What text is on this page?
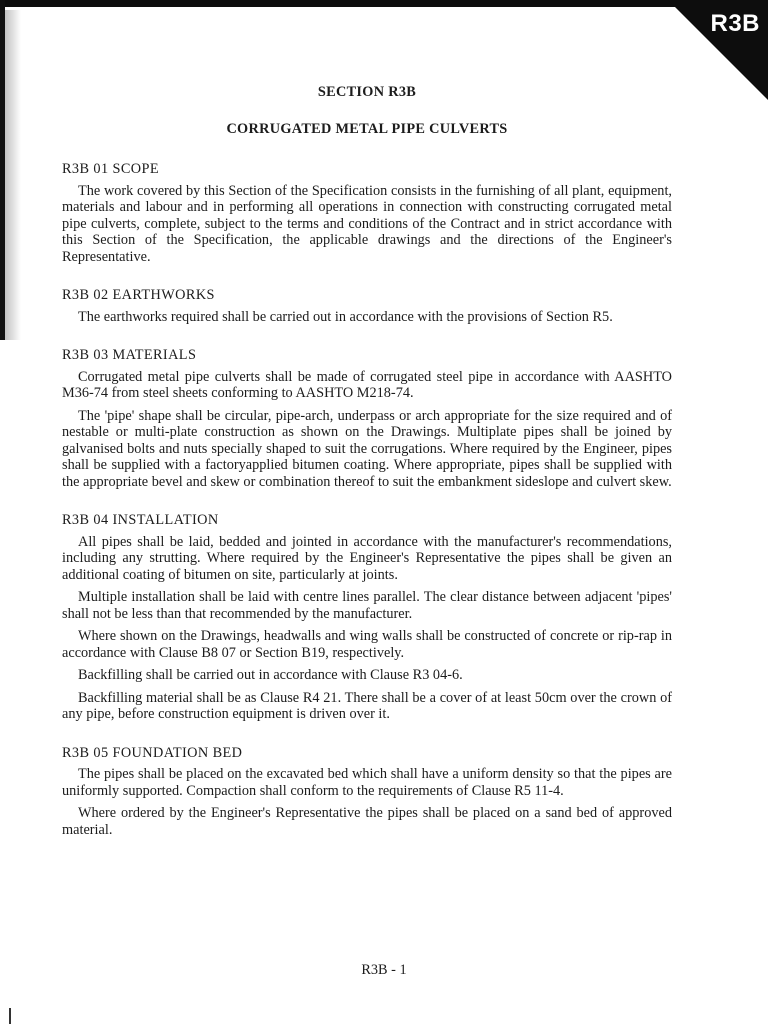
R3B
SECTION R3B
CORRUGATED METAL PIPE CULVERTS
R3B 01 SCOPE

The work covered by this Section of the Specification consists in the furnishing of all plant, equipment, materials and labour and in performing all operations in connection with constructing corrugated metal pipe culverts, complete, subject to the terms and conditions of the Contract and in strict accordance with this Section of the Specification, the applicable drawings and the directions of the Engineer's Representative.

R3B 02 EARTHWORKS

The earthworks required shall be carried out in accordance with the provisions of Section R5.

R3B 03 MATERIALS

Corrugated metal pipe culverts shall be made of corrugated steel pipe in accordance with AASHTO M36-74 from steel sheets conforming to AASHTO M218-74.

The 'pipe' shape shall be circular, pipe-arch, underpass or arch appropriate for the size required and of nestable or multi-plate construction as shown on the Drawings. Multiplate pipes shall be joined by galvanised bolts and nuts specially shaped to suit the corrugations. Where required by the Engineer, pipes shall be supplied with a factoryapplied bitumen coating. Where appropriate, pipes shall be supplied with the appropriate bevel and skew or combination thereof to suit the embankment sideslope and culvert skew.

R3B 04 INSTALLATION

All pipes shall be laid, bedded and jointed in accordance with the manufacturer's recommendations, including any strutting. Where required by the Engineer's Representative the pipes shall be given an additional coating of bitumen on site, particularly at joints.

Multiple installation shall be laid with centre lines parallel. The clear distance between adjacent 'pipes' shall not be less than that recommended by the manufacturer.

Where shown on the Drawings, headwalls and wing walls shall be constructed of concrete or rip-rap in accordance with Clause B8 07 or Section B19, respectively.

Backfilling shall be carried out in accordance with Clause R3 04-6.

Backfilling material shall be as Clause R4 21. There shall be a cover of at least 50cm over the crown of any pipe, before construction equipment is driven over it.

R3B 05 FOUNDATION BED

The pipes shall be placed on the excavated bed which shall have a uniform density so that the pipes are uniformly supported. Compaction shall conform to the requirements of Clause R5 11-4.

Where ordered by the Engineer's Representative the pipes shall be placed on a sand bed of approved material.

R3B - 1
